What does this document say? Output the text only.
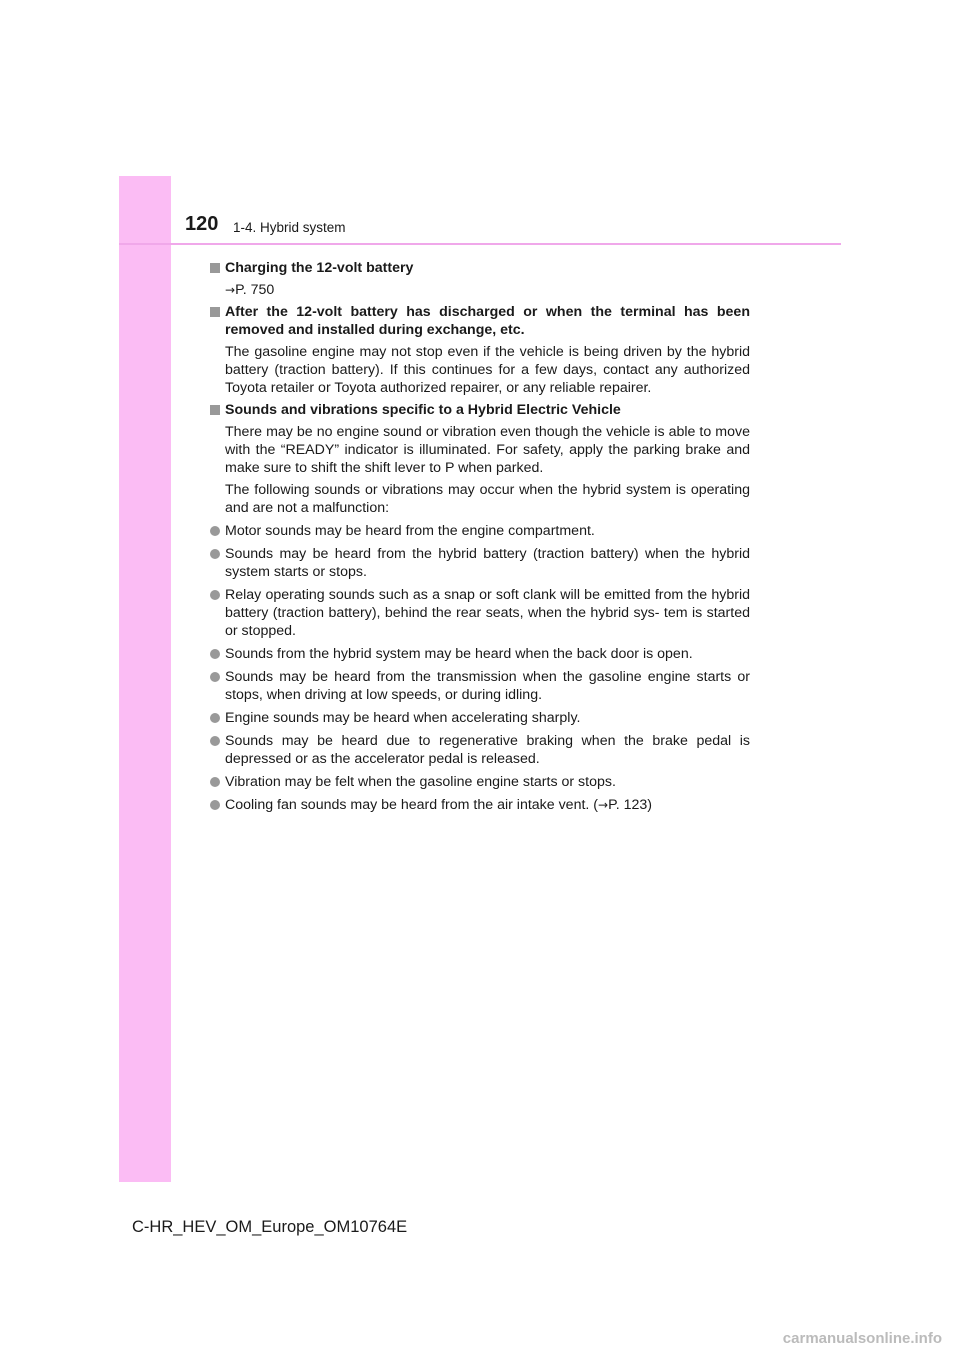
120 1-4. Hybrid system
Charging the 12-volt battery
→P. 750
After the 12-volt battery has discharged or when the terminal has been removed and installed during exchange, etc.
The gasoline engine may not stop even if the vehicle is being driven by the hybrid battery (traction battery). If this continues for a few days, contact any authorized Toyota retailer or Toyota authorized repairer, or any reliable repairer.
Sounds and vibrations specific to a Hybrid Electric Vehicle
There may be no engine sound or vibration even though the vehicle is able to move with the “READY” indicator is illuminated. For safety, apply the parking brake and make sure to shift the shift lever to P when parked.
The following sounds or vibrations may occur when the hybrid system is operating and are not a malfunction:
Motor sounds may be heard from the engine compartment.
Sounds may be heard from the hybrid battery (traction battery) when the hybrid system starts or stops.
Relay operating sounds such as a snap or soft clank will be emitted from the hybrid battery (traction battery), behind the rear seats, when the hybrid sys- tem is started or stopped.
Sounds from the hybrid system may be heard when the back door is open.
Sounds may be heard from the transmission when the gasoline engine starts or stops, when driving at low speeds, or during idling.
Engine sounds may be heard when accelerating sharply.
Sounds may be heard due to regenerative braking when the brake pedal is depressed or as the accelerator pedal is released.
Vibration may be felt when the gasoline engine starts or stops.
Cooling fan sounds may be heard from the air intake vent. (→P. 123)
C-HR_HEV_OM_Europe_OM10764E
carmanualsonline.info
